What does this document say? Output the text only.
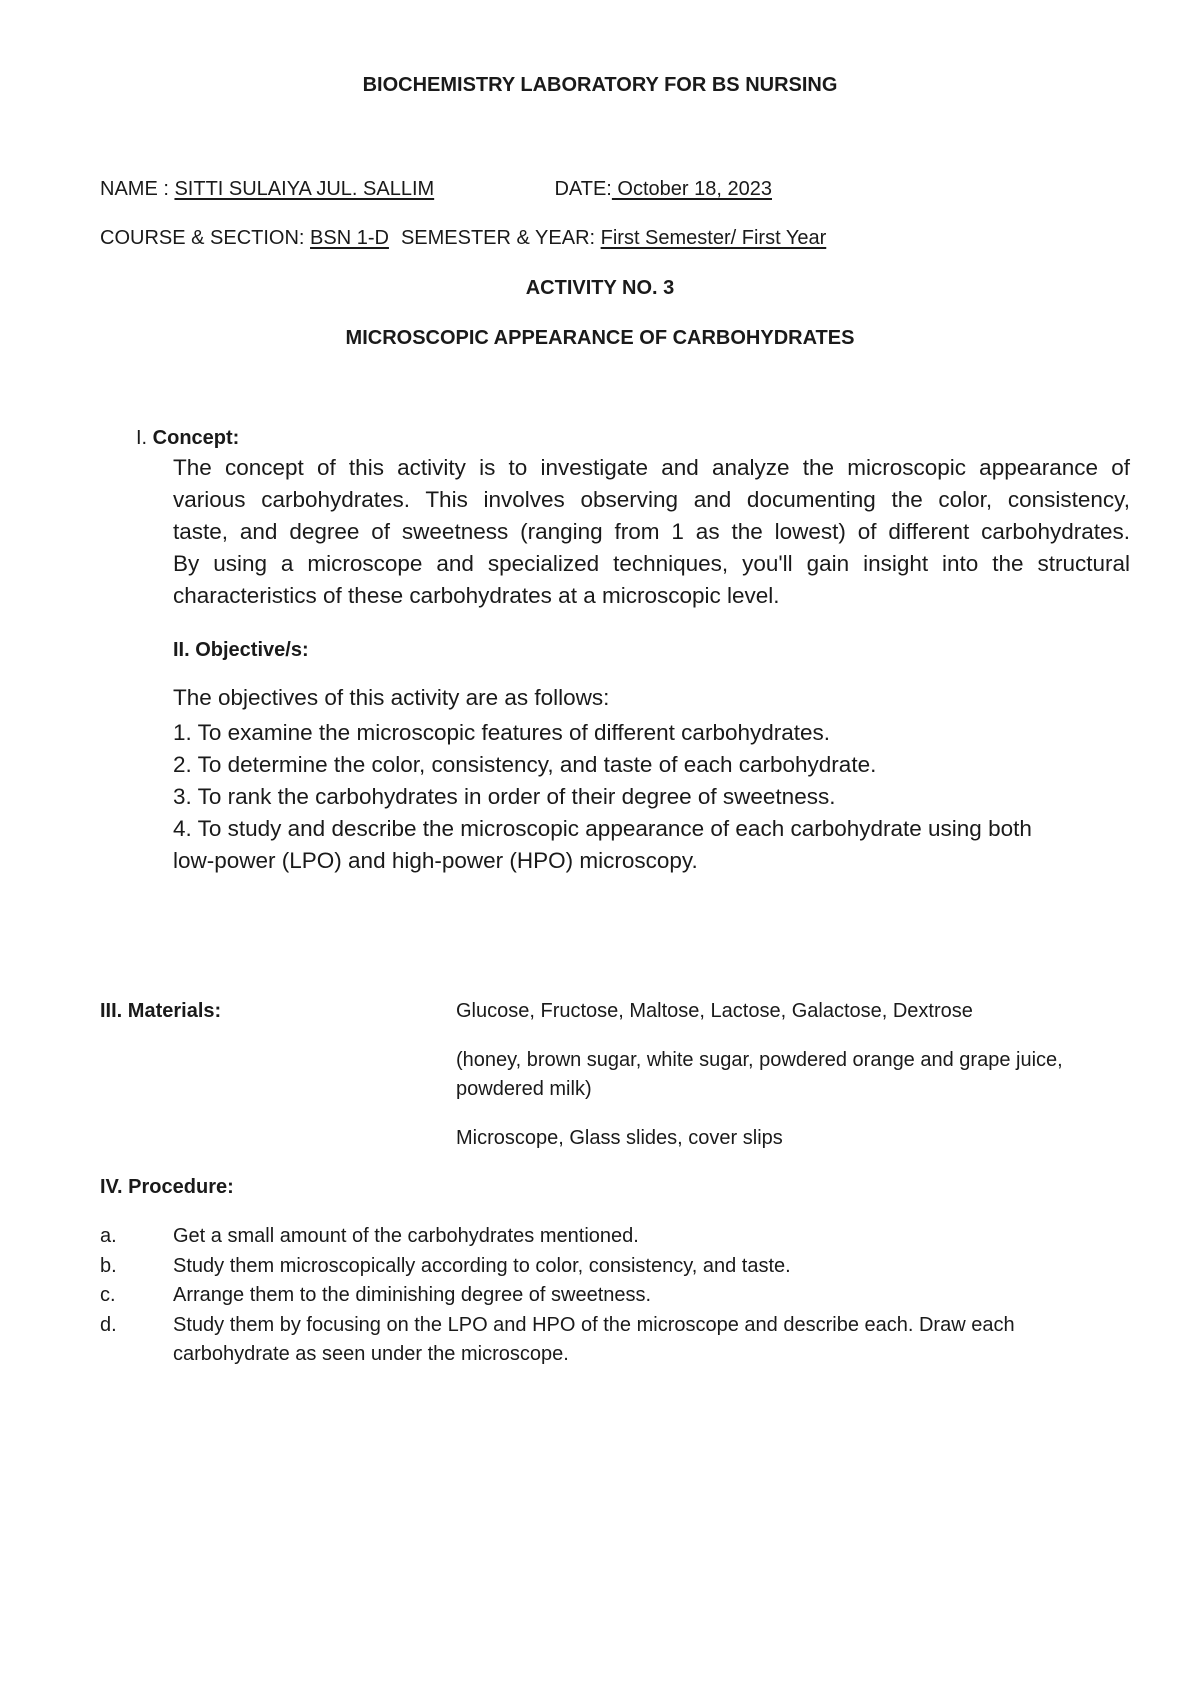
BIOCHEMISTRY LABORATORY FOR BS NURSING
NAME : SITTI SULAIYA JUL. SALLIM	DATE: October 18, 2023
COURSE & SECTION: BSN 1-D SEMESTER & YEAR: First Semester/ First Year
ACTIVITY NO. 3
MICROSCOPIC APPEARANCE OF CARBOHYDRATES
I. Concept:
The concept of this activity is to investigate and analyze the microscopic appearance of
various carbohydrates. This involves observing and documenting the color, consistency,
taste, and degree of sweetness (ranging from 1 as the lowest) of different carbohydrates.
By using a microscope and specialized techniques, you'll gain insight into the structural
characteristics of these carbohydrates at a microscopic level.
II. Objective/s:
The objectives of this activity are as follows:
1. To examine the microscopic features of different carbohydrates.
2. To determine the color, consistency, and taste of each carbohydrate.
3. To rank the carbohydrates in order of their degree of sweetness.
4. To study and describe the microscopic appearance of each carbohydrate using both
low-power (LPO) and high-power (HPO) microscopy.
III. Materials:	Glucose, Fructose, Maltose, Lactose, Galactose, Dextrose
(honey, brown sugar, white sugar, powdered orange and grape juice,
powdered milk)
Microscope, Glass slides, cover slips
IV. Procedure:
a.	Get a small amount of the carbohydrates mentioned.
b.	Study them microscopically according to color, consistency, and taste.
c.	Arrange them to the diminishing degree of sweetness.
d.	Study them by focusing on the LPO and HPO of the microscope and describe each. Draw each
carbohydrate as seen under the microscope.
